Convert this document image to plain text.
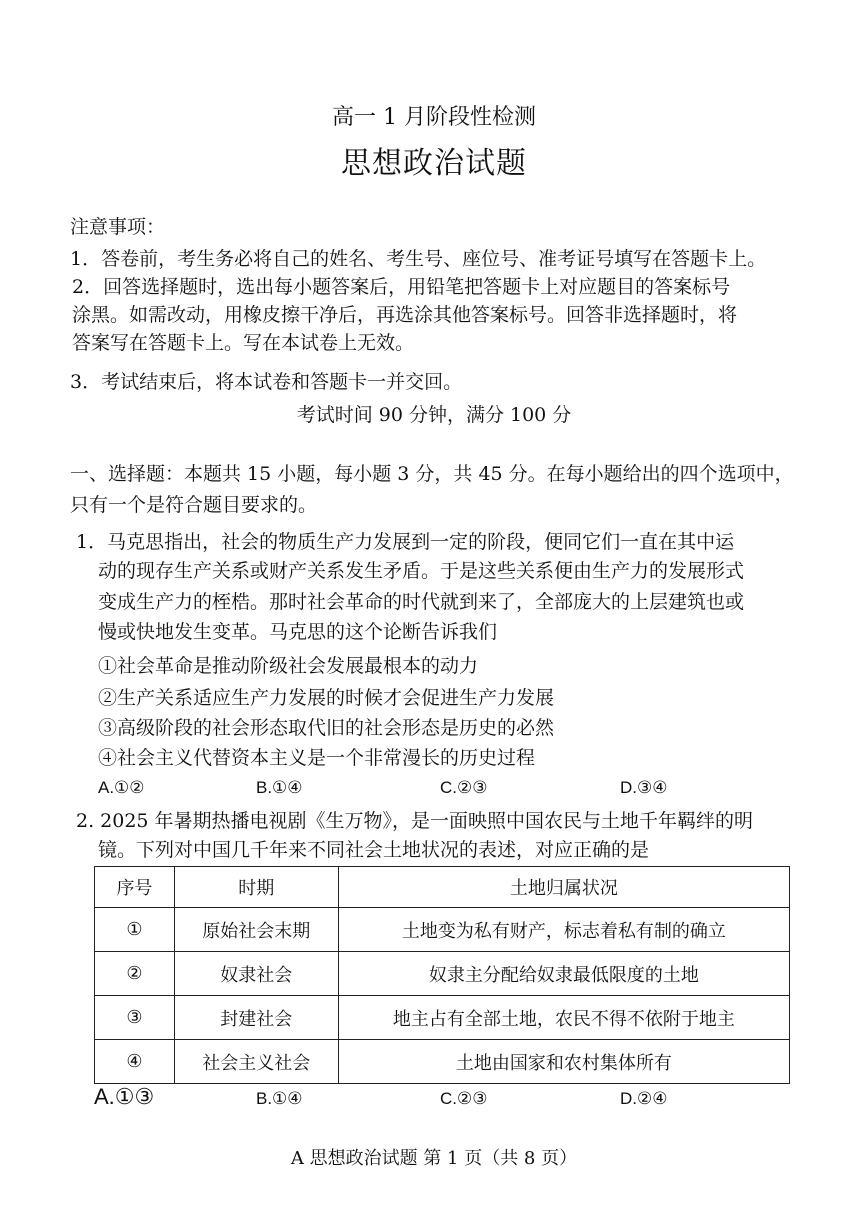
高一 1 月阶段性检测
思想政治试题
注意事项：
1．答卷前，考生务必将自己的姓名、考生号、座位号、准考证号填写在答题卡上。
2．回答选择题时，选出每小题答案后，用铅笔把答题卡上对应题目的答案标号
涂黑。如需改动，用橡皮擦干净后，再选涂其他答案标号。回答非选择题时，将
答案写在答题卡上。写在本试卷上无效。
3．考试结束后，将本试卷和答题卡一并交回。
考试时间 90 分钟，满分 100 分
一、选择题：本题共 15 小题，每小题 3 分，共 45 分。在每小题给出的四个选项中，
只有一个是符合题目要求的。
1．马克思指出，社会的物质生产力发展到一定的阶段，便同它们一直在其中运
动的现存生产关系或财产关系发生矛盾。于是这些关系便由生产力的发展形式
变成生产力的桎梏。那时社会革命的时代就到来了，全部庞大的上层建筑也或
慢或快地发生变革。马克思的这个论断告诉我们
①社会革命是推动阶级社会发展最根本的动力
②生产关系适应生产力发展的时候才会促进生产力发展
③高级阶段的社会形态取代旧的社会形态是历史的必然
④社会主义代替资本主义是一个非常漫长的历史过程
A.①②	B.①④	C.②③	D.③④
2. 2025 年暑期热播电视剧《生万物》，是一面映照中国农民与土地千年羁绊的明
镜。下列对中国几千年来不同社会土地状况的表述，对应正确的是
序号	时期	土地归属状况
①	原始社会末期	土地变为私有财产，标志着私有制的确立
②	奴隶社会	奴隶主分配给奴隶最低限度的土地
③	封建社会	地主占有全部土地，农民不得不依附于地主
④	社会主义社会	土地由国家和农村集体所有
A.①③	B.①④	C.②③	D.②④
A 思想政治试题 第 1 页（共 8 页）
